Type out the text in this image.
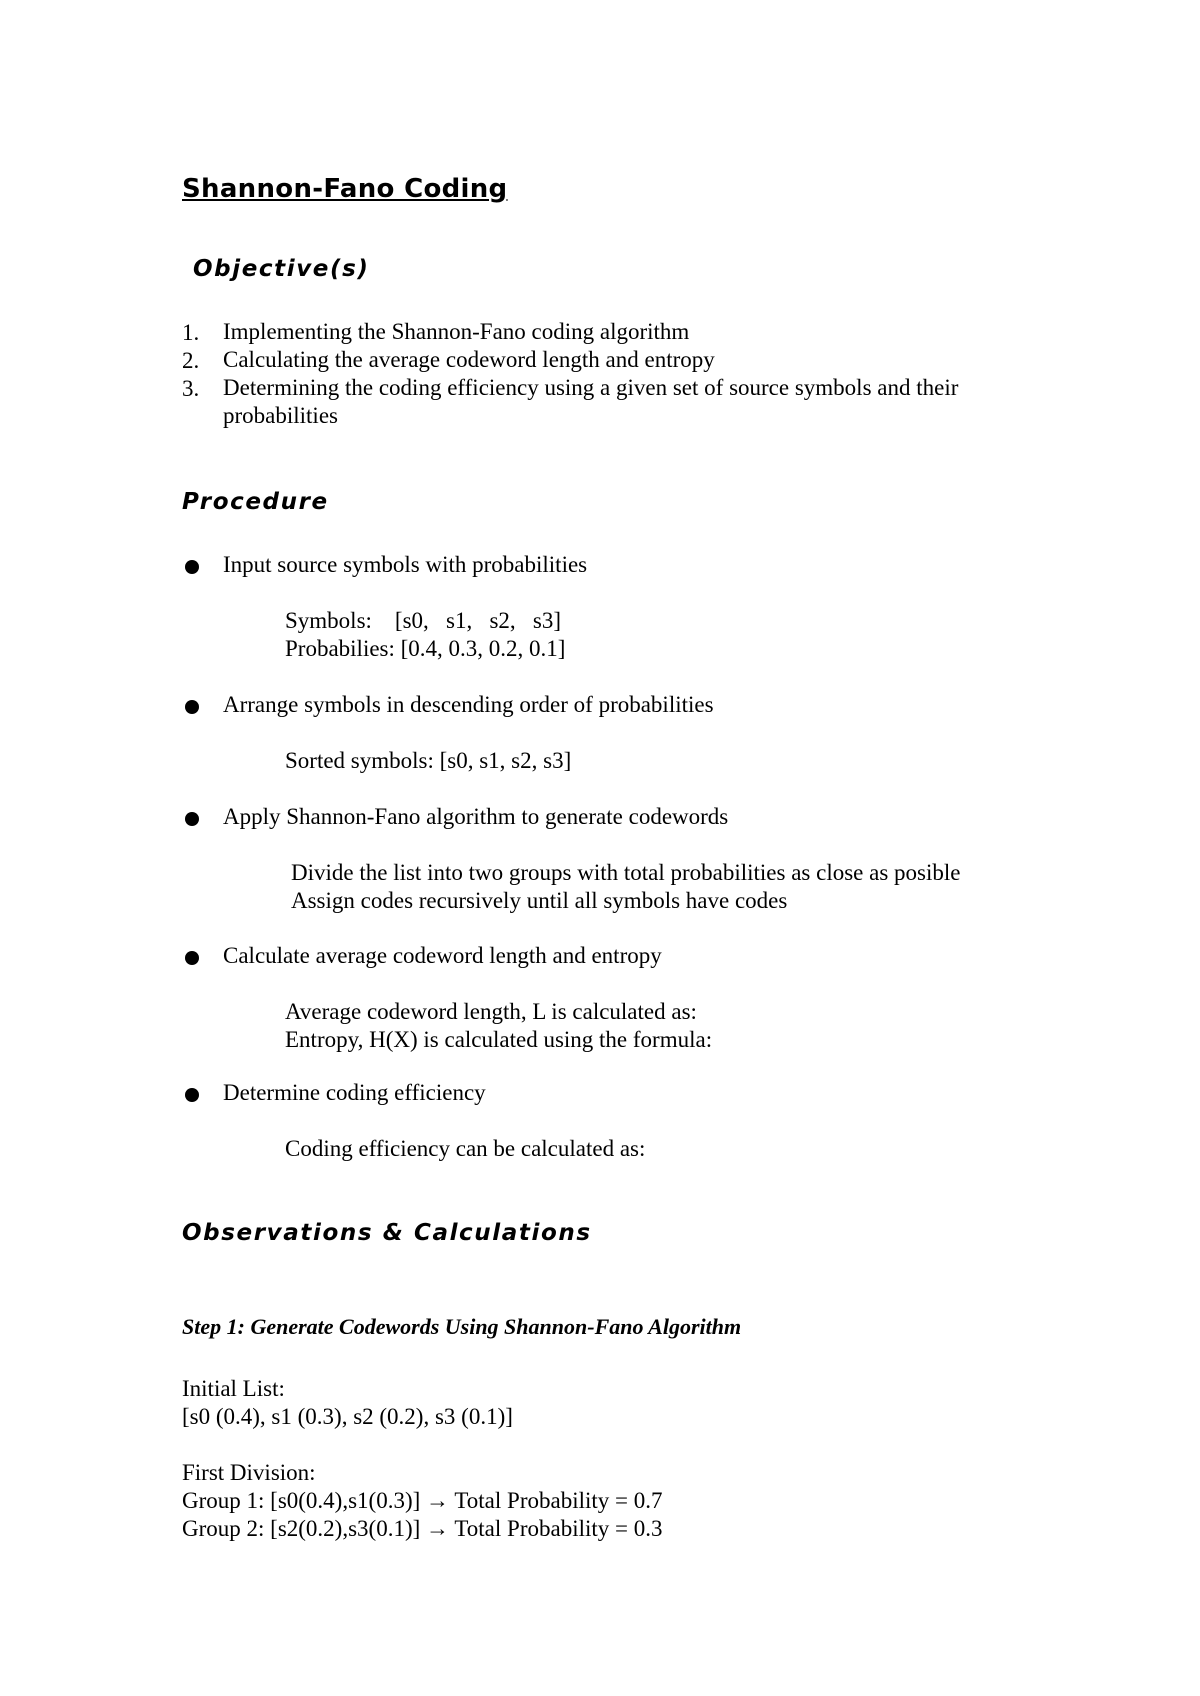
Shannon-Fano Coding
Objective(s)
1. Implementing the Shannon-Fano coding algorithm
2. Calculating the average codeword length and entropy
3. Determining the coding efficiency using a given set of source symbols and their
probabilities
Procedure
Input source symbols with probabilities
Symbols:    [s0,   s1,   s2,   s3]
Probabilies: [0.4, 0.3, 0.2, 0.1]
Arrange symbols in descending order of probabilities
Sorted symbols: [s0, s1, s2, s3]
Apply Shannon-Fano algorithm to generate codewords
Divide the list into two groups with total probabilities as close as posible
Assign codes recursively until all symbols have codes
Calculate average codeword length and entropy
Average codeword length, L is calculated as:
Entropy, H(X) is calculated using the formula:
Determine coding efficiency
Coding efficiency can be calculated as:
Observations & Calculations
Step 1: Generate Codewords Using Shannon-Fano Algorithm
Initial List:
[s0 (0.4), s1 (0.3), s2 (0.2), s3 (0.1)]
First Division:
Group 1: [s0(0.4),s1(0.3)] → Total Probability = 0.7
Group 2: [s2(0.2),s3(0.1)] → Total Probability = 0.3
